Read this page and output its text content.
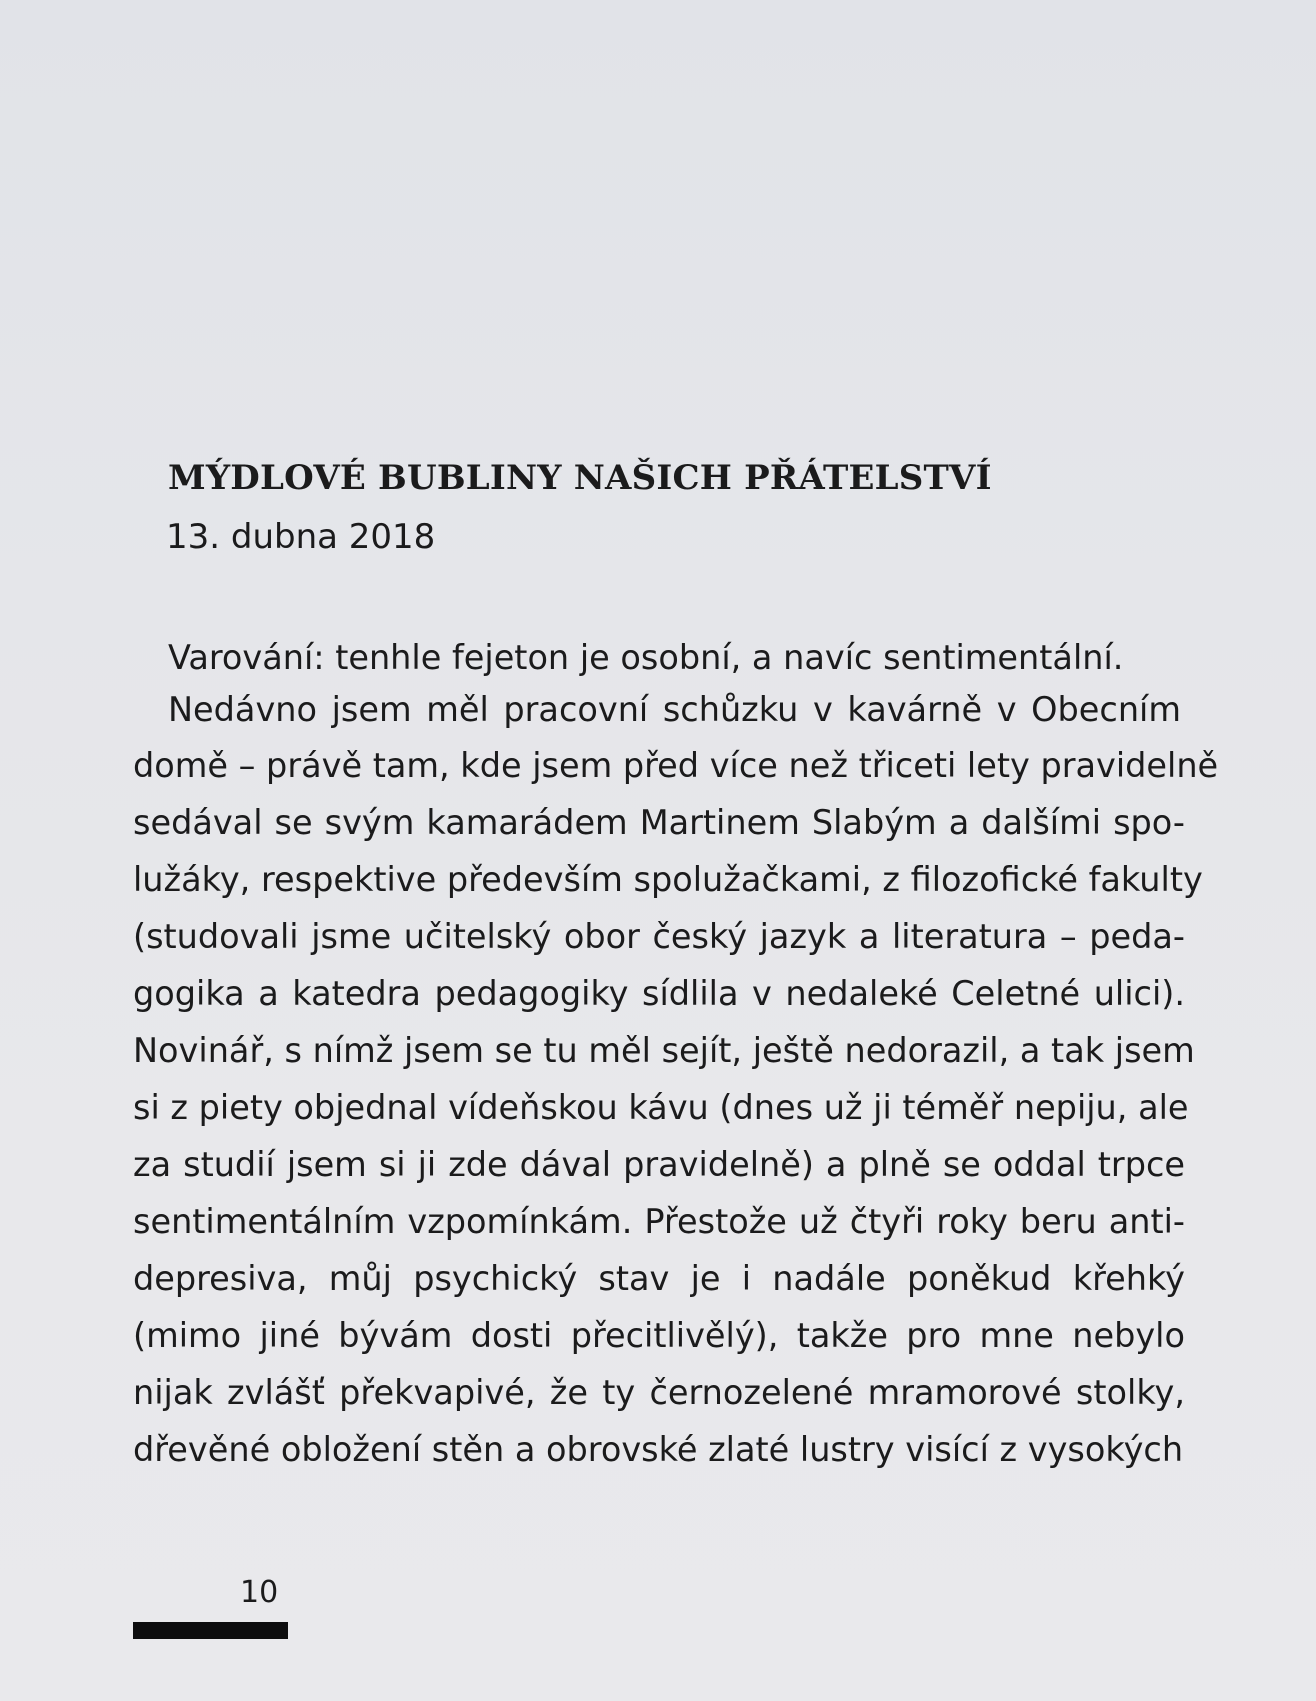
MÝDLOVÉ BUBLINY NAŠICH PŘÁTELSTVÍ
13. dubna 2018
Varování: tenhle fejeton je osobní, a navíc sentimentální.
Nedávno jsem měl pracovní schůzku v kavárně v Obecním
domě – právě tam, kde jsem před více než třiceti lety pravidelně
sedával se svým kamarádem Martinem Slabým a dalšími spo-
lužáky, respektive především spolužačkami, z filozofické fakulty
(studovali jsme učitelský obor český jazyk a literatura – peda-
gogika a katedra pedagogiky sídlila v nedaleké Celetné ulici).
Novinář, s nímž jsem se tu měl sejít, ještě nedorazil, a tak jsem
si z piety objednal vídeňskou kávu (dnes už ji téměř nepiju, ale
za studií jsem si ji zde dával pravidelně) a plně se oddal trpce
sentimentálním vzpomínkám. Přestože už čtyři roky beru anti-
depresiva, můj psychický stav je i nadále poněkud křehký
(mimo jiné bývám dosti přecitlivělý), takže pro mne nebylo
nijak zvlášť překvapivé, že ty černozelené mramorové stolky,
dřevěné obložení stěn a obrovské zlaté lustry visící z vysokých
10
